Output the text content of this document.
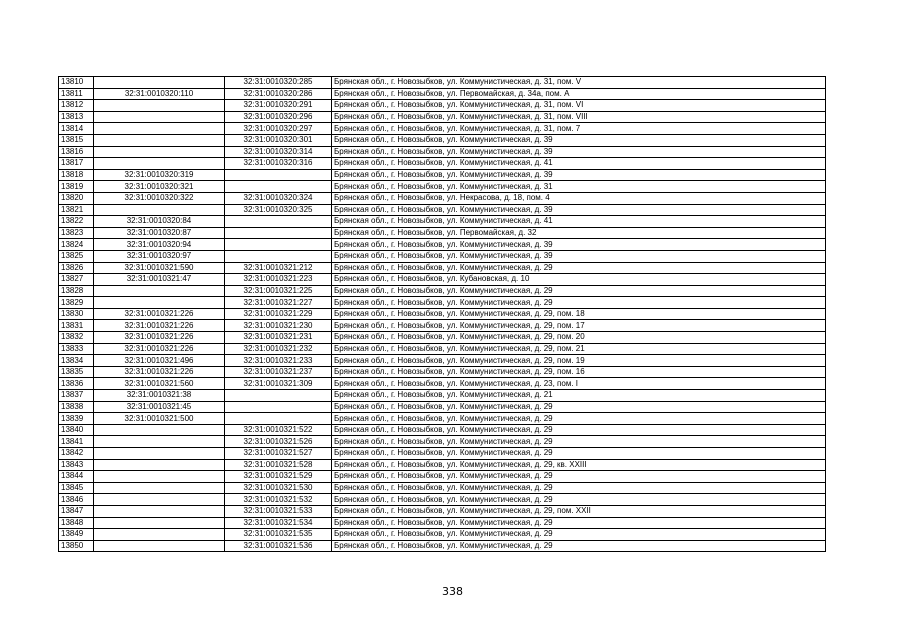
13810		32:31:0010320:285	Брянская обл., г. Новозыбков, ул. Коммунистическая, д. 31, пом. V
13811	32:31:0010320:110	32:31:0010320:286	Брянская обл., г. Новозыбков, ул. Первомайская, д. 34а, пом. А
13812		32:31:0010320:291	Брянская обл., г. Новозыбков, ул. Коммунистическая, д. 31, пом. VI
13813		32:31:0010320:296	Брянская обл., г. Новозыбков, ул. Коммунистическая, д. 31, пом. VIII
13814		32:31:0010320:297	Брянская обл., г. Новозыбков, ул. Коммунистическая, д. 31, пом. 7
13815		32:31:0010320:301	Брянская обл., г. Новозыбков, ул. Коммунистическая, д. 39
13816		32:31:0010320:314	Брянская обл., г. Новозыбков, ул. Коммунистическая, д. 39
13817		32:31:0010320:316	Брянская обл., г. Новозыбков, ул. Коммунистическая, д. 41
13818	32:31:0010320:319		Брянская обл., г. Новозыбков, ул. Коммунистическая, д. 39
13819	32:31:0010320:321		Брянская обл., г. Новозыбков, ул. Коммунистическая, д. 31
13820	32:31:0010320:322	32:31:0010320:324	Брянская обл., г. Новозыбков, ул. Некрасова, д. 18, пом. 4
13821		32:31:0010320:325	Брянская обл., г. Новозыбков, ул. Коммунистическая, д. 39
13822	32:31:0010320:84		Брянская обл., г. Новозыбков, ул. Коммунистическая, д. 41
13823	32:31:0010320:87		Брянская обл., г. Новозыбков, ул. Первомайская, д. 32
13824	32:31:0010320:94		Брянская обл., г. Новозыбков, ул. Коммунистическая, д. 39
13825	32:31:0010320:97		Брянская обл., г. Новозыбков, ул. Коммунистическая, д. 39
13826	32:31:0010321:590	32:31:0010321:212	Брянская обл., г. Новозыбков, ул. Коммунистическая, д. 29
13827	32:31:0010321:47	32:31:0010321:223	Брянская обл., г. Новозыбков, ул. Кубановская, д. 10
13828		32:31:0010321:225	Брянская обл., г. Новозыбков, ул. Коммунистическая, д. 29
13829		32:31:0010321:227	Брянская обл., г. Новозыбков, ул. Коммунистическая, д. 29
13830	32:31:0010321:226	32:31:0010321:229	Брянская обл., г. Новозыбков, ул. Коммунистическая, д. 29, пом. 18
13831	32:31:0010321:226	32:31:0010321:230	Брянская обл., г. Новозыбков, ул. Коммунистическая, д. 29, пом. 17
13832	32:31:0010321:226	32:31:0010321:231	Брянская обл., г. Новозыбков, ул. Коммунистическая, д. 29, пом. 20
13833	32:31:0010321:226	32:31:0010321:232	Брянская обл., г. Новозыбков, ул. Коммунистическая, д. 29, пом. 21
13834	32:31:0010321:496	32:31:0010321:233	Брянская обл., г. Новозыбков, ул. Коммунистическая, д. 29, пом. 19
13835	32:31:0010321:226	32:31:0010321:237	Брянская обл., г. Новозыбков, ул. Коммунистическая, д. 29, пом. 16
13836	32:31:0010321:560	32:31:0010321:309	Брянская обл., г. Новозыбков, ул. Коммунистическая, д. 23, пом. I
13837	32:31:0010321:38		Брянская обл., г. Новозыбков, ул. Коммунистическая, д. 21
13838	32:31:0010321:45		Брянская обл., г. Новозыбков, ул. Коммунистическая, д. 29
13839	32:31:0010321:500		Брянская обл., г. Новозыбков, ул. Коммунистическая, д. 29
13840		32:31:0010321:522	Брянская обл., г. Новозыбков, ул. Коммунистическая, д. 29
13841		32:31:0010321:526	Брянская обл., г. Новозыбков, ул. Коммунистическая, д. 29
13842		32:31:0010321:527	Брянская обл., г. Новозыбков, ул. Коммунистическая, д. 29
13843		32:31:0010321:528	Брянская обл., г. Новозыбков, ул. Коммунистическая, д. 29, кв. XXIII
13844		32:31:0010321:529	Брянская обл., г. Новозыбков, ул. Коммунистическая, д. 29
13845		32:31:0010321:530	Брянская обл., г. Новозыбков, ул. Коммунистическая, д. 29
13846		32:31:0010321:532	Брянская обл., г. Новозыбков, ул. Коммунистическая, д. 29
13847		32:31:0010321:533	Брянская обл., г. Новозыбков, ул. Коммунистическая, д. 29, пом. XXII
13848		32:31:0010321:534	Брянская обл., г. Новозыбков, ул. Коммунистическая, д. 29
13849		32:31:0010321:535	Брянская обл., г. Новозыбков, ул. Коммунистическая, д. 29
13850		32:31:0010321:536	Брянская обл., г. Новозыбков, ул. Коммунистическая, д. 29
338
